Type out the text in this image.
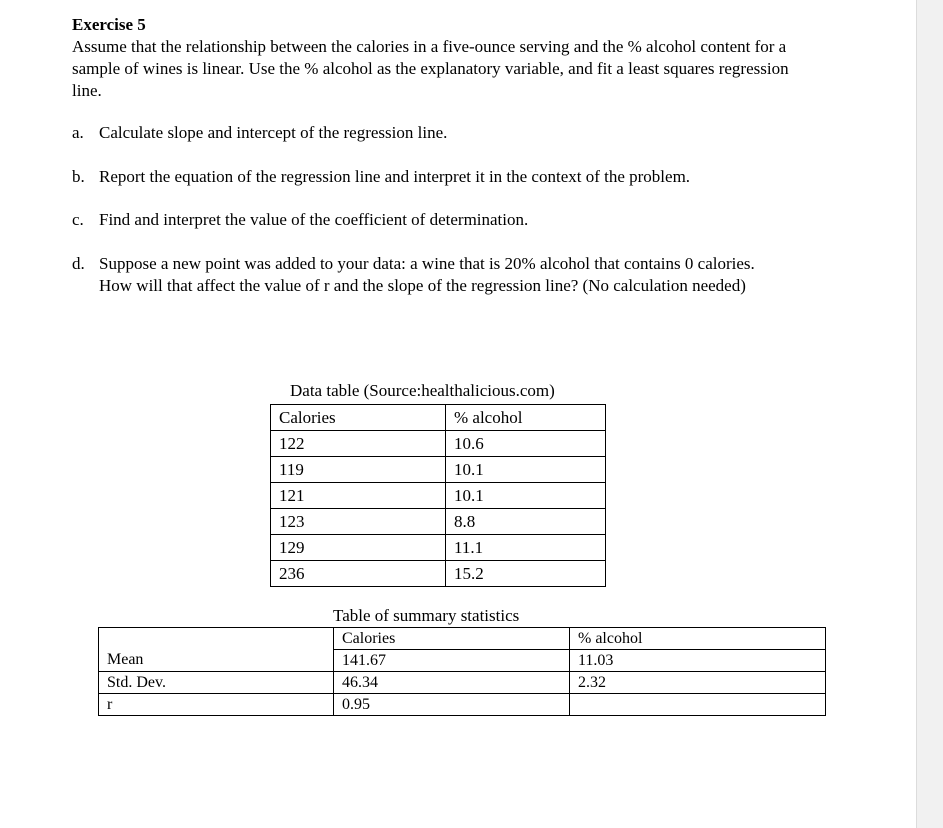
Exercise 5
Assume that the relationship between the calories in a five-ounce serving and the % alcohol content for a sample of wines is linear. Use the % alcohol as the explanatory variable, and fit a least squares regression line.
a. Calculate slope and intercept of the regression line.
b. Report the equation of the regression line and interpret it in the context of the problem.
c. Find and interpret the value of the coefficient of determination.
d. Suppose a new point was added to your data: a wine that is 20% alcohol that contains 0 calories. How will that affect the value of r and the slope of the regression line? (No calculation needed)
Data table (Source:healthalicious.com)
Calories	% alcohol
122	10.6
119	10.1
121	10.1
123	8.8
129	11.1
236	15.2
Table of summary statistics
	Calories	% alcohol
Mean	141.67	11.03
Std. Dev.	46.34	2.32
r	0.95	
